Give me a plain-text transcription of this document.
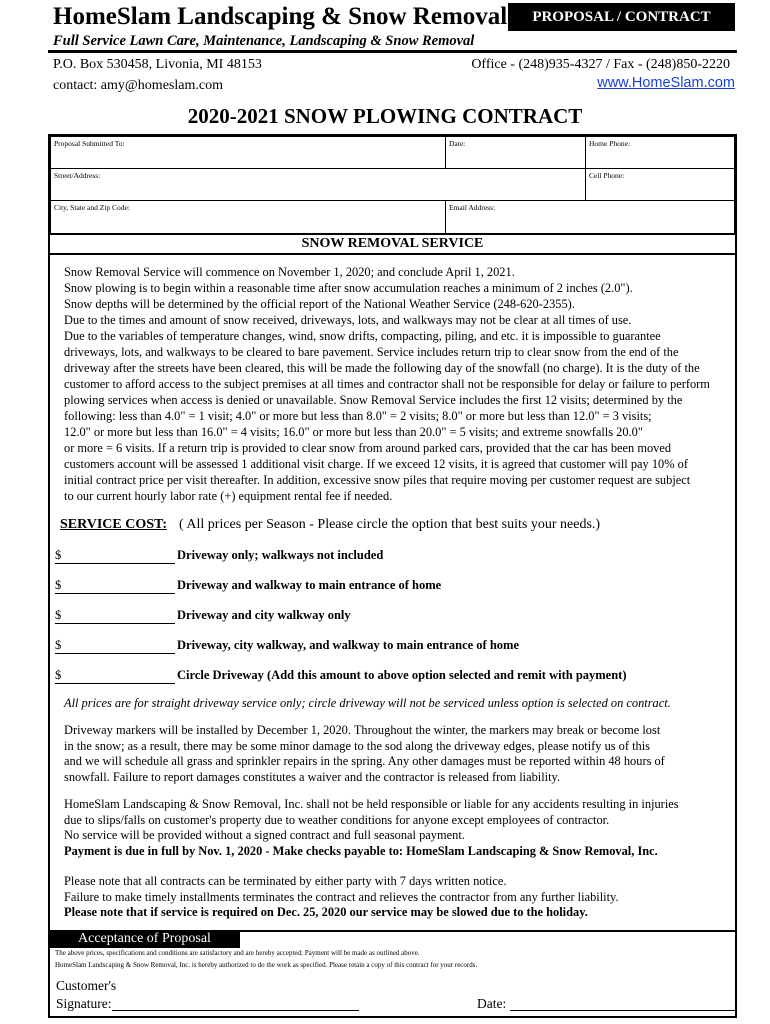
HomeSlam Landscaping & Snow Removal	PROPOSAL / CONTRACT
Full Service Lawn Care, Maintenance, Landscaping & Snow Removal
P.O. Box 530458, Livonia, MI 48153
contact: amy@homeslam.com
Office - (248)935-4327 / Fax - (248)850-2220
www.HomeSlam.com
2020-2021 SNOW PLOWING CONTRACT
Proposal Submitted To:	Date:	Home Phone:
Street/Address:	Cell Phone:
City, State and Zip Code:	Email Address:
SNOW REMOVAL SERVICE
Snow Removal Service will commence on November 1, 2020; and conclude April 1, 2021.
Snow plowing is to begin within a reasonable time after snow accumulation reaches a minimum of 2 inches (2.0").
Snow depths will be determined by the official report of the National Weather Service (248-620-2355).
Due to the times and amount of snow received, driveways, lots, and walkways may not be clear at all times of use.
Due to the variables of temperature changes, wind, snow drifts, compacting, piling, and etc. it is impossible to guarantee
driveways, lots, and walkways to be cleared to bare pavement. Service includes return trip to clear snow from the end of the
driveway after the streets have been cleared, this will be made the following day of the snowfall (no charge). It is the duty of the
customer to afford access to the subject premises at all times and contractor shall not be responsible for delay or failure to perform
plowing services when access is denied or unavailable. Snow Removal Service includes the first 12 visits; determined by the
following: less than 4.0" = 1 visit; 4.0" or more but less than 8.0" = 2 visits; 8.0" or more but less than 12.0" = 3 visits;
12.0" or more but less than 16.0" = 4 visits; 16.0" or more but less than 20.0" = 5 visits; and extreme snowfalls 20.0"
or more = 6 visits. If a return trip is provided to clear snow from around parked cars, provided that the car has been moved
customers account will be assessed 1 additional visit charge. If we exceed 12 visits, it is agreed that customer will pay 10% of
initial contract price per visit thereafter. In addition, excessive snow piles that require moving per customer request are subject
to our current hourly labor rate (+) equipment rental fee if needed.
SERVICE COST: ( All prices per Season - Please circle the option that best suits your needs.)
$	Driveway only; walkways not included
$	Driveway and walkway to main entrance of home
$	Driveway and city walkway only
$	Driveway, city walkway, and walkway to main entrance of home
$	Circle Driveway (Add this amount to above option selected and remit with payment)
All prices are for straight driveway service only; circle driveway will not be serviced unless option is selected on contract.
Driveway markers will be installed by December 1, 2020. Throughout the winter, the markers may break or become lost
in the snow; as a result, there may be some minor damage to the sod along the driveway edges, please notify us of this
and we will schedule all grass and sprinkler repairs in the spring. Any other damages must be reported within 48 hours of
snowfall. Failure to report damages constitutes a waiver and the contractor is released from liability.
HomeSlam Landscaping & Snow Removal, Inc. shall not be held responsible or liable for any accidents resulting in injuries
due to slips/falls on customer's property due to weather conditions for anyone except employees of contractor.
No service will be provided without a signed contract and full seasonal payment.
Payment is due in full by Nov. 1, 2020 - Make checks payable to: HomeSlam Landscaping & Snow Removal, Inc.
Please note that all contracts can be terminated by either party with 7 days written notice.
Failure to make timely installments terminates the contract and relieves the contractor from any further liability.
Please note that if service is required on Dec. 25, 2020 our service may be slowed due to the holiday.
Acceptance of Proposal
The above prices, specifications and conditions are satisfactory and are hereby accepted; Payment will be made as outlined above.
HomeSlam Landscaping & Snow Removal, Inc. is hereby authorized to do the work as specified. Please retain a copy of this contract for your records.
Customer's
Signature:	Date:
